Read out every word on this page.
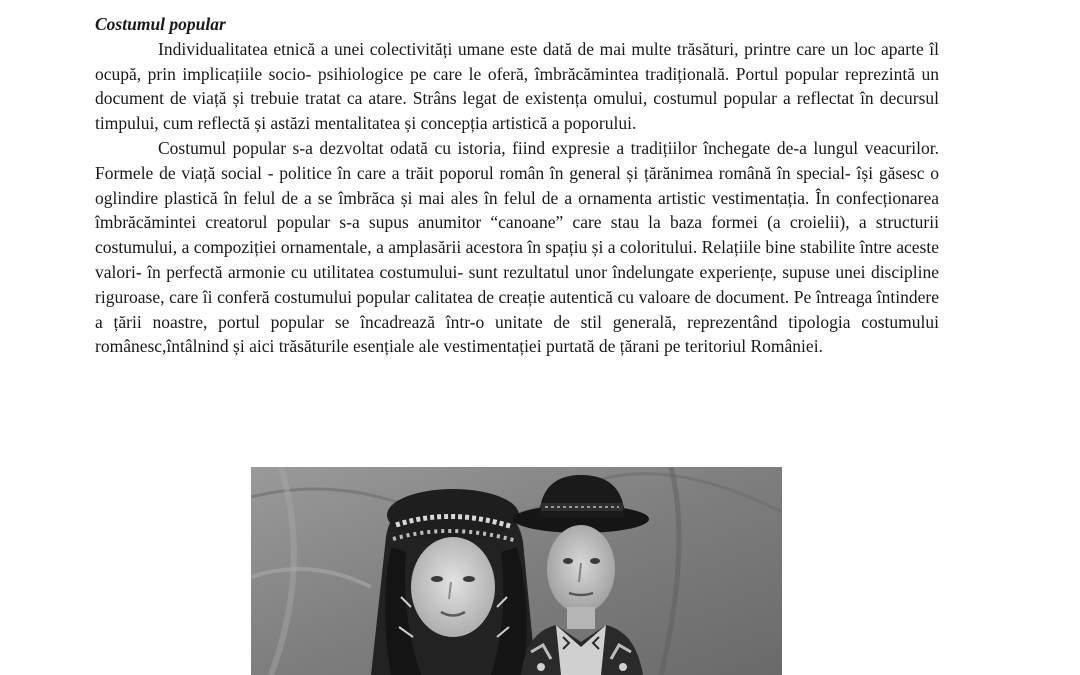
Costumul popular

Individualitatea etnică a unei colectivități umane este dată de mai multe trăsături, printre care un loc aparte îl ocupă, prin implicațiile socio- psihiologice pe care le oferă, îmbrăcămintea tradițională. Portul popular reprezintă un document de viață și trebuie tratat ca atare. Strâns legat de existența omului, costumul popular a reflectat în decursul timpului, cum reflectă și astăzi mentalitatea și concepția artistică a poporului.

Costumul popular s-a dezvoltat odată cu istoria, fiind expresie a tradițiilor închegate de-a lungul veacurilor. Formele de viață social - politice în care a trăit poporul român în general și țărănimea română în special- își găsesc o oglindire plastică în felul de a se îmbrăca și mai ales în felul de a ornamenta artistic vestimentația. În confecționarea îmbrăcămintei creatorul popular s-a supus anumitor “canoane” care stau la baza formei (a croielii), a structurii costumului, a compoziției ornamentale, a amplasării acestora în spațiu și a coloritului. Relațiile bine stabilite între aceste valori- în perfectă armonie cu utilitatea costumului- sunt rezultatul unor îndelungate experiențe, supuse unei discipline riguroase, care îi conferă costumului popular calitatea de creație autentică cu valoare de document. Pe întreaga întindere a țării noastre, portul popular se încadrează într-o unitate de stil generală, reprezentând tipologia costumului românesc,întâlnind și aici trăsăturile esențiale ale vestimentației purtată de țărani pe teritoriul României.
